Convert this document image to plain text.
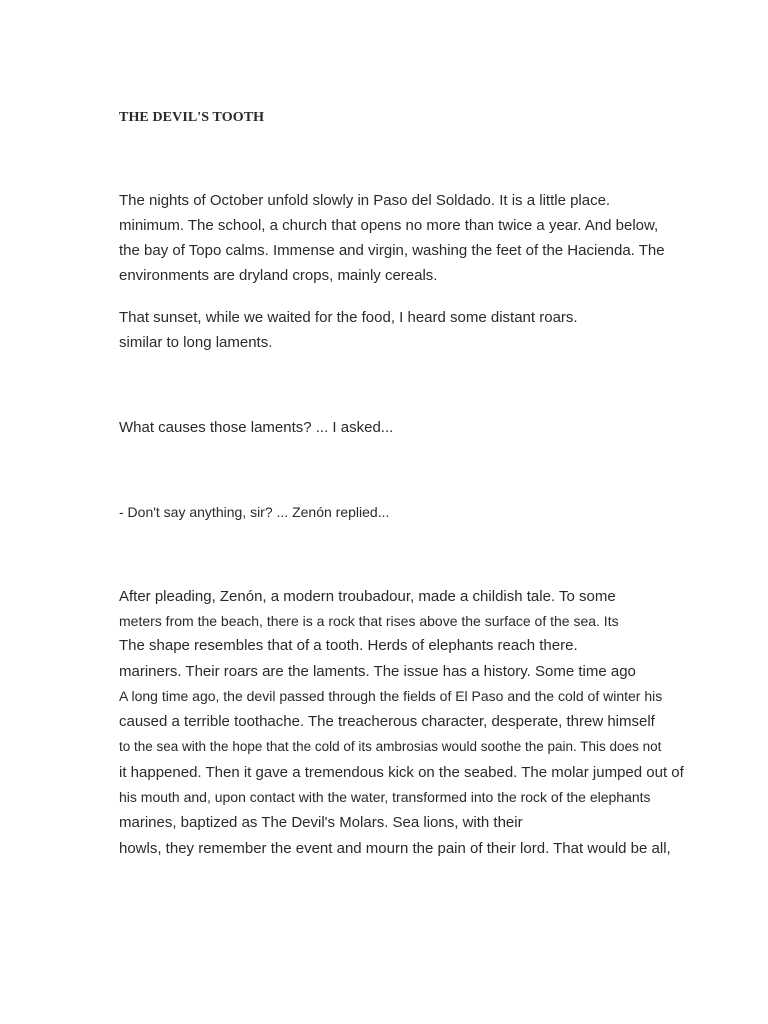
THE DEVIL'S TOOTH
The nights of October unfold slowly in Paso del Soldado. It is a little place.
minimum. The school, a church that opens no more than twice a year. And below,
the bay of Topo calms. Immense and virgin, washing the feet of the Hacienda. The
environments are dryland crops, mainly cereals.
That sunset, while we waited for the food, I heard some distant roars.
similar to long laments.
What causes those laments? ... I asked...
- Don't say anything, sir? ... Zenón replied...
After pleading, Zenón, a modern troubadour, made a childish tale. To some
meters from the beach, there is a rock that rises above the surface of the sea. Its
The shape resembles that of a tooth. Herds of elephants reach there.
mariners. Their roars are the laments. The issue has a history. Some time ago
A long time ago, the devil passed through the fields of El Paso and the cold of winter his
caused a terrible toothache. The treacherous character, desperate, threw himself
to the sea with the hope that the cold of its ambrosias would soothe the pain. This does not
it happened. Then it gave a tremendous kick on the seabed. The molar jumped out of
his mouth and, upon contact with the water, transformed into the rock of the elephants
marines, baptized as The Devil's Molars. Sea lions, with their
howls, they remember the event and mourn the pain of their lord. That would be all,
